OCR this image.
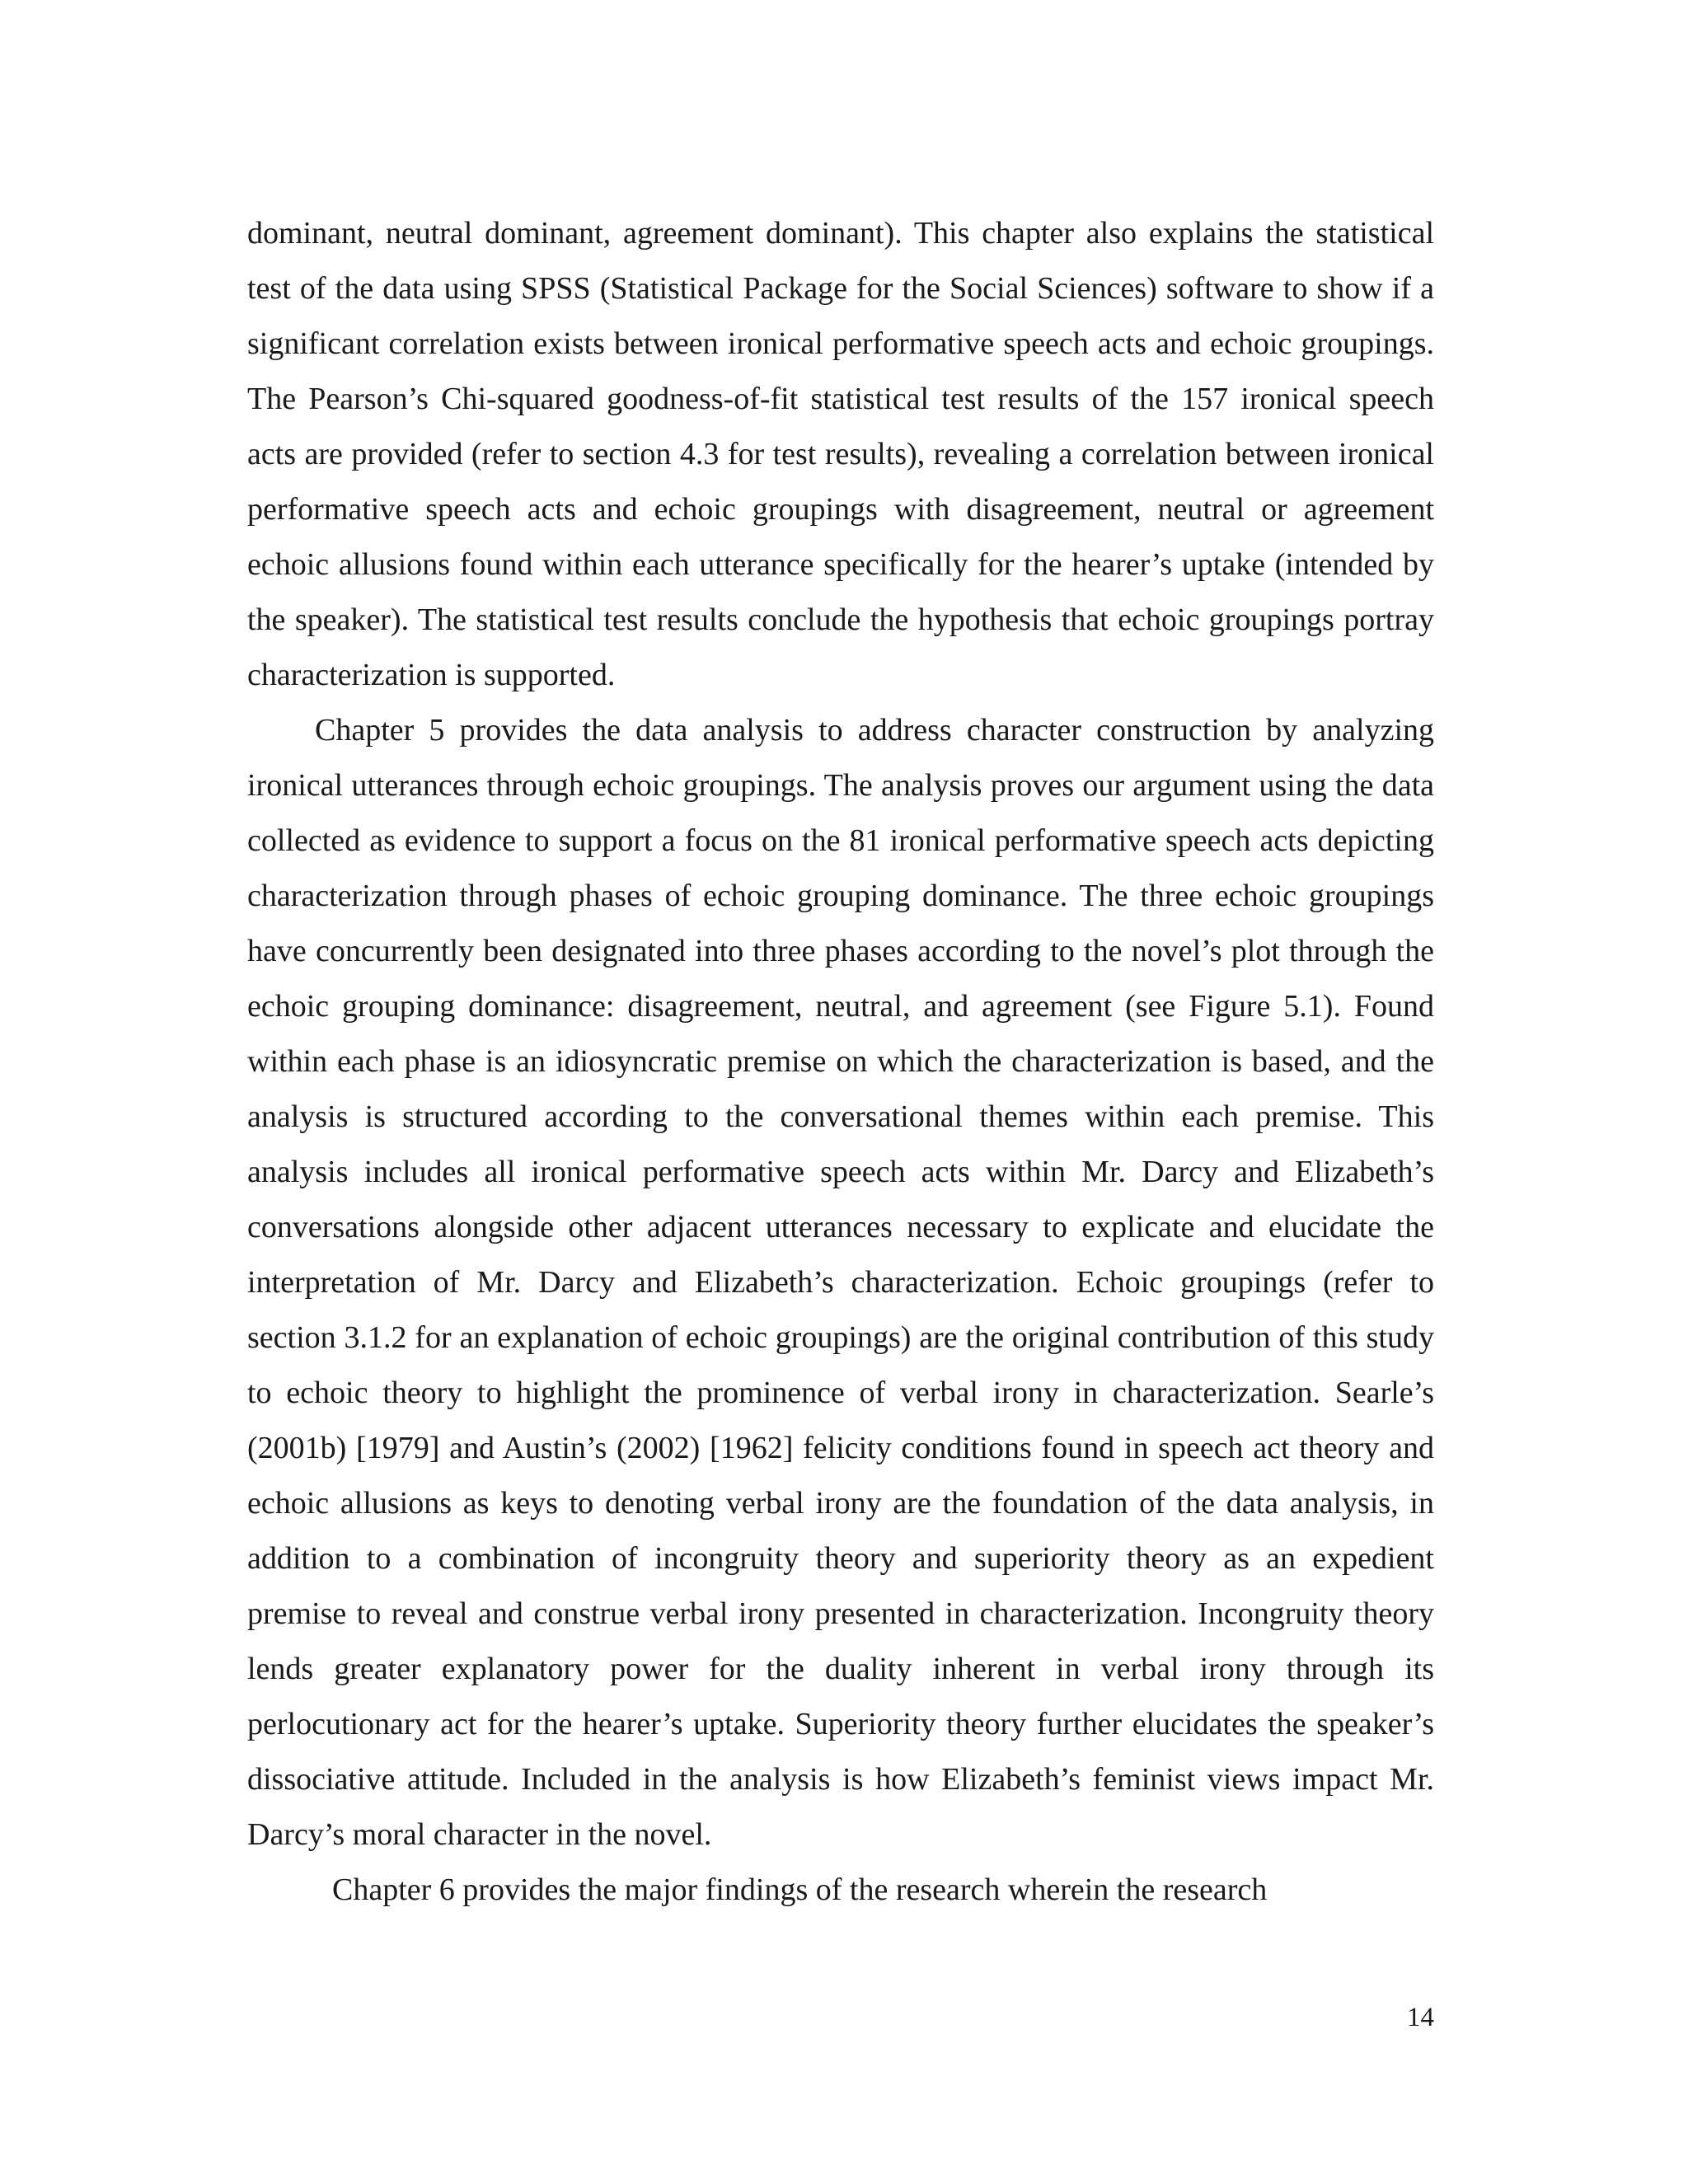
dominant, neutral dominant, agreement dominant). This chapter also explains the statistical test of the data using SPSS (Statistical Package for the Social Sciences) software to show if a significant correlation exists between ironical performative speech acts and echoic groupings. The Pearson’s Chi-squared goodness-of-fit statistical test results of the 157 ironical speech acts are provided (refer to section 4.3 for test results), revealing a correlation between ironical performative speech acts and echoic groupings with disagreement, neutral or agreement echoic allusions found within each utterance specifically for the hearer’s uptake (intended by the speaker). The statistical test results conclude the hypothesis that echoic groupings portray characterization is supported.

Chapter 5 provides the data analysis to address character construction by analyzing ironical utterances through echoic groupings. The analysis proves our argument using the data collected as evidence to support a focus on the 81 ironical performative speech acts depicting characterization through phases of echoic grouping dominance. The three echoic groupings have concurrently been designated into three phases according to the novel’s plot through the echoic grouping dominance: disagreement, neutral, and agreement (see Figure 5.1). Found within each phase is an idiosyncratic premise on which the characterization is based, and the analysis is structured according to the conversational themes within each premise. This analysis includes all ironical performative speech acts within Mr. Darcy and Elizabeth’s conversations alongside other adjacent utterances necessary to explicate and elucidate the interpretation of Mr. Darcy and Elizabeth’s characterization. Echoic groupings (refer to section 3.1.2 for an explanation of echoic groupings) are the original contribution of this study to echoic theory to highlight the prominence of verbal irony in characterization. Searle’s (2001b) [1979] and Austin’s (2002) [1962] felicity conditions found in speech act theory and echoic allusions as keys to denoting verbal irony are the foundation of the data analysis, in addition to a combination of incongruity theory and superiority theory as an expedient premise to reveal and construe verbal irony presented in characterization. Incongruity theory lends greater explanatory power for the duality inherent in verbal irony through its perlocutionary act for the hearer’s uptake. Superiority theory further elucidates the speaker’s dissociative attitude. Included in the analysis is how Elizabeth’s feminist views impact Mr. Darcy’s moral character in the novel.

Chapter 6 provides the major findings of the research wherein the research

14
